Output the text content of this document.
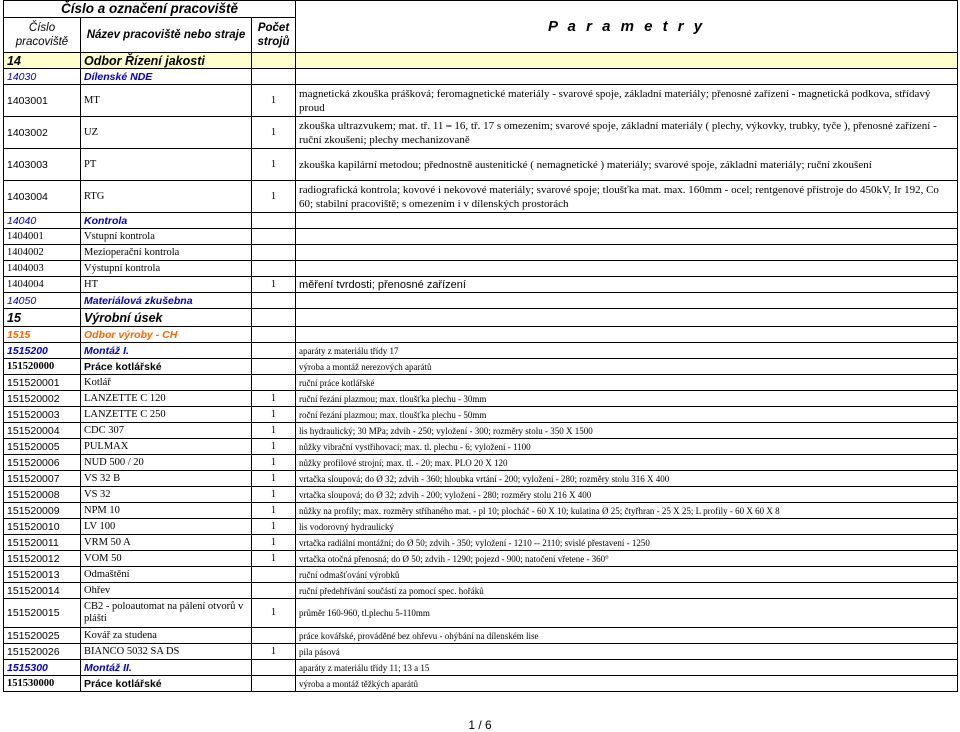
Číslo a označení pracoviště			P a r a m e t r y
Číslo pracoviště	Název pracoviště nebo straje	Počet strojů	
14	Odbor Řízení jakosti		
14030	Dílenské NDE		
1403001	MT	1	magnetická zkouška prášková; feromagnetické materiály - svarové spoje, základní materiály; přenosné zařízení - magnetická podkova, střídavý proud
1403002	UZ	1	zkouška ultrazvukem; mat. tř. 11 ⎯ 16, tř. 17 s omezením; svarové spoje, základní materiály ( plechy, výkovky, trubky, tyče ), přenosné zařízení - ruční zkoušení; plechy mechanizovaně
1403003	PT	1	zkouška kapilární metodou; přednostně austenitické ( nemagnetické ) materiály; svarové spoje, základní materiály; ruční zkoušení
1403004	RTG	1	radiografická kontrola; kovové i nekovové materiály; svarové spoje; tloušťka mat. max. 160mm - ocel; rentgenové přístroje do 450kV, Ir 192, Co 60; stabilní pracoviště; s omezením i v dílenských prostorách
14040	Kontrola		
1404001	Vstupní kontrola		
1404002	Mezioperační kontrola		
1404003	Výstupní kontrola		
1404004	HT	1	měření tvrdosti; přenosné zařízení
14050	Materiálová zkušebna		
15	Výrobní úsek		
1515	Odbor výroby - CH		
1515200	Montáž I.		aparáty z materiálu třídy 17
151520000	Práce kotlářské		výroba a montáž nerezových aparátů
151520001	Kotlář		ruční práce kotlářské
151520002	LANZETTE C 120	1	ruční řezání plazmou; max. tloušťka plechu - 30mm
151520003	LANZETTE C 250	1	roční řezání plazmou; max. tloušťka plechu - 50mm
151520004	CDC 307	1	lis hydraulický; 30 MPa; zdvih - 250; vyložení - 300; rozměry stolu - 350 X 1500
151520005	PULMAX	1	nůžky vibrační vystřihovací; max. tl. plechu - 6; vyložení - 1100
151520006	NUD 500 / 20	1	nůžky profilové strojní; max. tl. - 20; max. PLO 20 X 120
151520007	VS 32 B	1	vrtačka sloupová; do Ø 32; zdvih - 360; hloubka vrtání - 200; vyložení - 280; rozměry stolu 316 X 400
151520008	VS 32	1	vrtačka sloupová; do Ø 32; zdvih - 200; vyložení - 280; rozměry stolu 216 X 400
151520009	NPM 10	1	nůžky na profily; max. rozměry stříhaného mat. - pl 10; plocháč - 60 X 10; kulatina Ø 25; čtyřhran - 25 X 25; L profily - 60 X 60 X 8
151520010	LV 100	1	lis vodorovný hydraulický
151520011	VRM 50 A	1	vrtačka radiální montážní; do Ø 50; zdvih - 350; vyložení - 1210 -- 2110; svislé přestavení - 1250
151520012	VOM 50	1	vrtačka otočná přenosná; do Ø 50; zdvih - 1290; pojezd - 900; natočení vřetene - 360°
151520013	Odmaštění		ruční odmašťování výrobků
151520014	Ohřev		ruční předehřívání součástí za pomocí spec. hořáků
151520015	CB2 - poloautomat na pálení otvorů v plášti	1	průměr 160-960, tl.plechu 5-110mm
151520025	Kovář za studena		práce kovářské, prováděné bez ohřevu - ohýbání na dílenském lise
151520026	BIANCO 5032 SA DS	1	pila pásová
1515300	Montáž II.		aparáty z materiálu třídy 11; 13 a 15
151530000	Práce kotlářské		výroba a montáž těžkých aparátů
1 / 6
